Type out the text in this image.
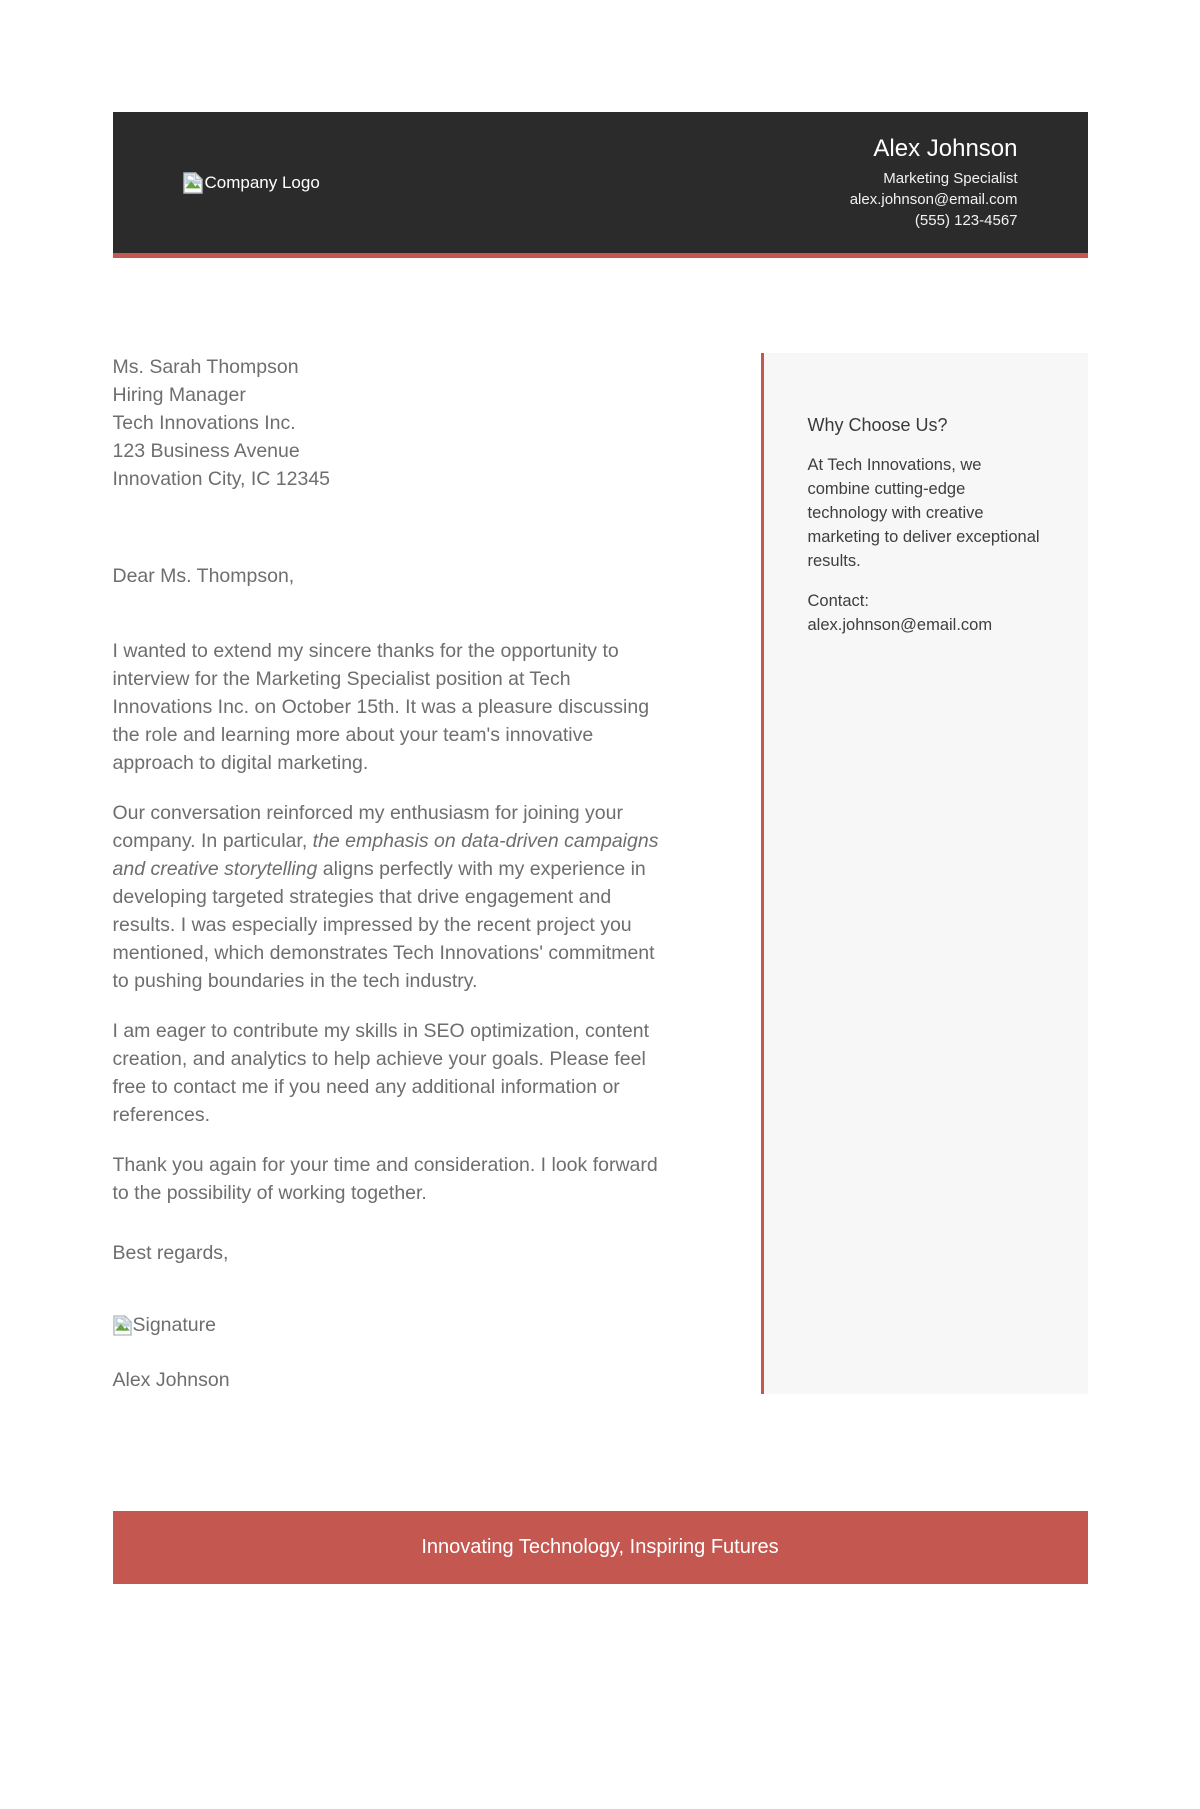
Company Logo
Alex Johnson
Marketing Specialist
alex.johnson@email.com
(555) 123-4567
Ms. Sarah Thompson
Hiring Manager
Tech Innovations Inc.
123 Business Avenue
Innovation City, IC 12345

Dear Ms. Thompson,

I wanted to extend my sincere thanks for the opportunity to interview for the Marketing Specialist position at Tech Innovations Inc. on October 15th. It was a pleasure discussing the role and learning more about your team's innovative approach to digital marketing.

Our conversation reinforced my enthusiasm for joining your company. In particular, the emphasis on data-driven campaigns and creative storytelling aligns perfectly with my experience in developing targeted strategies that drive engagement and results. I was especially impressed by the recent project you mentioned, which demonstrates Tech Innovations' commitment to pushing boundaries in the tech industry.

I am eager to contribute my skills in SEO optimization, content creation, and analytics to help achieve your goals. Please feel free to contact me if you need any additional information or references.

Thank you again for your time and consideration. I look forward to the possibility of working together.

Best regards,

Signature

Alex Johnson

Why Choose Us?

At Tech Innovations, we combine cutting-edge technology with creative marketing to deliver exceptional results.

Contact:
alex.johnson@email.com

Innovating Technology, Inspiring Futures
